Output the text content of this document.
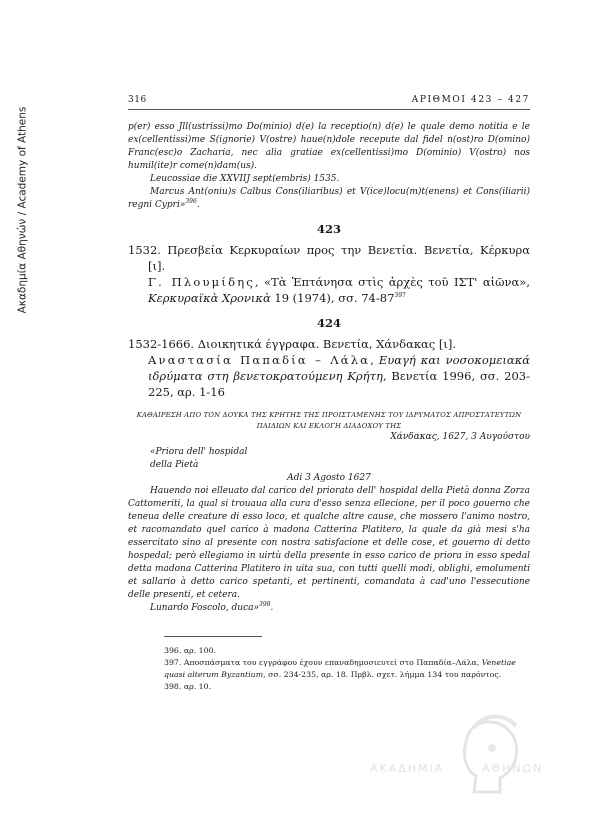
Ακαδημία Αθηνών / Academy of Athens
316	ΑΡΙΘΜΟΙ 423 – 427

p(er) esso Jll(ustrissi)mo Do(minio) d(e) la receptio(n) d(e) le quale demo notitia e le ex(cellentissi)me S(ignorie) V(ostre) haue(n)dole recepute dal fidel n(ost)ro D(omino) Franc(esc)o Zacharia, nec alia gratiae ex(cellentissi)mo D(ominio) V(ostro) nos humil(ite)r come(n)dam(us).

Leucossiae die XXVIIJ sept(embris) 1535.

Marcus Ant(oniu)s Calbus Cons(iliaribus) et V(ice)locu(m)t(enens) et Cons(iliarii) regni Cypri»$^{396}$.

423

1532. Πρεσβεία Κερκυραίων προς την Βενετία. Βενετία, Κέρκυρα [ι].

Γ. Πλουμίδης, «Τὰ Ἑπτάνησα στὶς ἀρχὲς τοῦ ΙΣΤ' αἰῶνα», Κερκυραϊκὰ Χρονικὰ 19 (1974), σσ. $74-87^{397}$

424

1532-1666. Διοικητικά έγγραφα. Βενετία, Χάνδακας [ι].

Αναστασία Παπαδία – Λάλα, Ευαγή και νοσοκομειακά ιδρύματα στη βενετοκρατούμενη Κρήτη, Βενετία 1996, σσ. 203-225, αρ. 1-16

ΚΑΘΑΙΡΕΣΗ ΑΠΟ ΤΟΝ ΔΟΥΚΑ ΤΗΣ ΚΡΗΤΗΣ ΤΗΣ ΠΡΟΙΣΤΑΜΕΝΗΣ ΤΟΥ ΙΔΡΥΜΑΤΟΣ ΑΠΡΟΣΤΑΤΕΥΤΩΝ ΠΑΙΔΙΩΝ ΚΑΙ ΕΚΛΟΓΗ ΔΙΑΔΟΧΟΥ ΤΗΣ

Χάνδακας, 1627, 3 Αυγούστου

«Priora dell' hospidal

della Pietà

Adi 3 Agosto 1627

Hauendo noi elleuato dal carico del priorato dell' hospidal della Pietà donna Zorza Cattomeriti, la qual si trouaua alla cura d'esso senza ellecione, per il poco gouerno che teneua delle creature di esso loco, et qualche altre cause, che mossero l'animo nostro, et racomandato quel carico à madona Catterina Platitero, la quale da già mesi s'ha essercitato sino al presente con nostra satisfacione et delle cose, et gouerno di detto hospedal; però ellegiamo in uirtù della presente in esso carico de priora in esso spedal detta madona Catterina Platitero in uita sua, con tutti quelli modi, oblighi, emolumenti et sallario à detto carico spetanti, et pertinenti, comandata à cad'uno l'essecutione delle presenti, et cetera.

Lunardo Foscolo, duca»$^{398}$.

396. αρ. 100.

397. Αποσπάσματα του εγγράφου έχουν επαναδημοσιευτεί στο Παπαδία–Λάλα, Venetiae quasi alterum Byzantium, σσ. 234-235, αρ. 18. Πρβλ. σχετ. λήμμα 134 του παρόντος.

398. αρ. 10.

ΑΚΑΔΗΜΙΑ	ΑΘΗΝΩΝ
